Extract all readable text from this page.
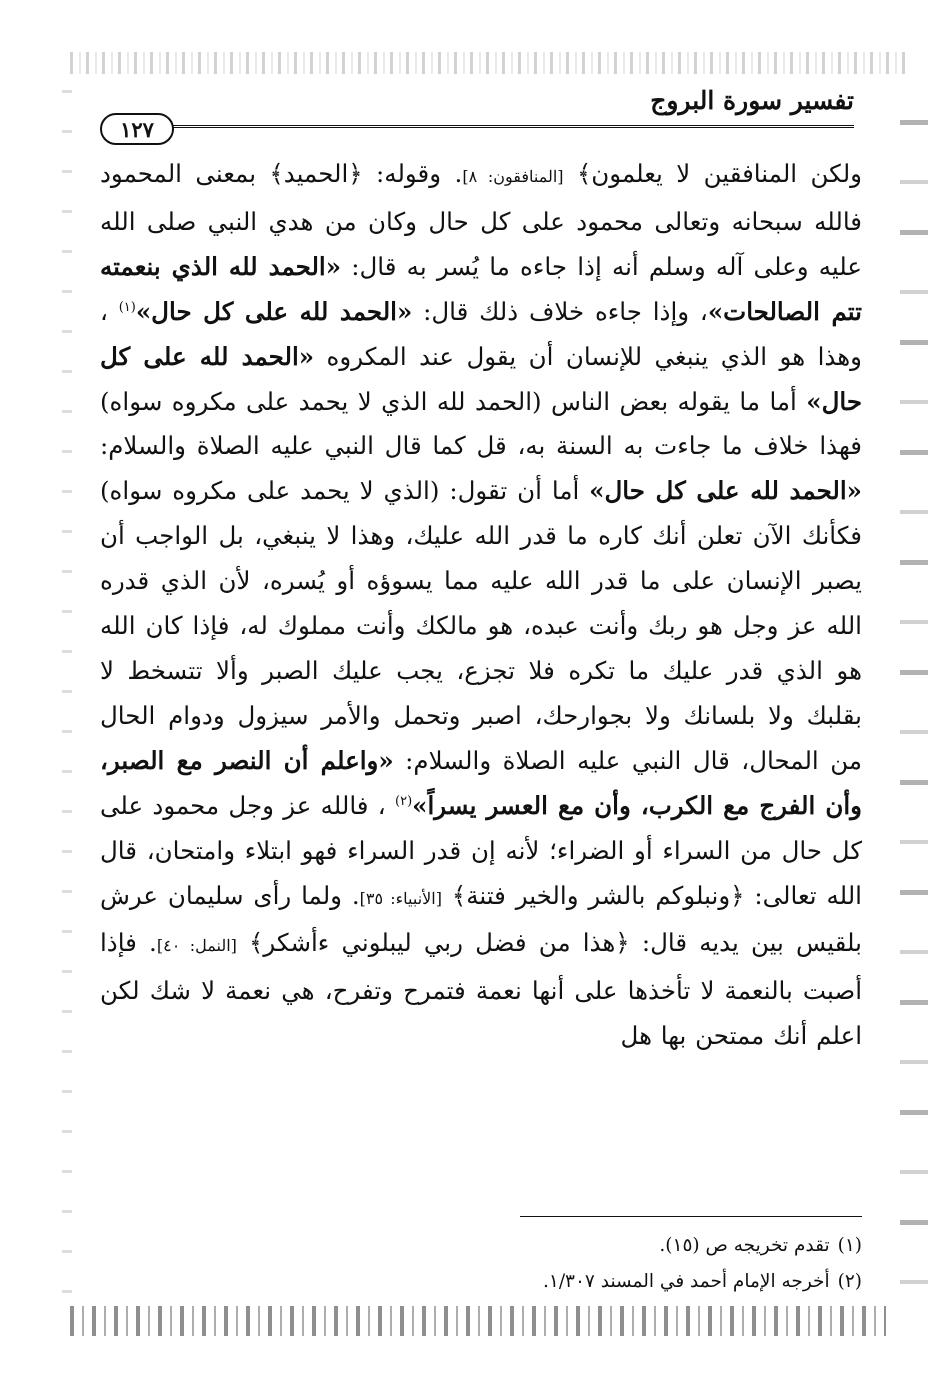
تفسير سورة البروج
١٢٧

ولكن المنافقين لا يعلمون﴾ [المنافقون: ٨]. وقوله: ﴿الحميد﴾ بمعنى المحمود فالله سبحانه وتعالى محمود على كل حال وكان من هدي النبي صلى الله عليه وعلى آله وسلم أنه إذا جاءه ما يُسر به قال: «الحمد لله الذي بنعمته تتم الصالحات»، وإذا جاءه خلاف ذلك قال: «الحمد لله على كل حال»$^{(١)}$ ، وهذا هو الذي ينبغي للإنسان أن يقول عند المكروه «الحمد لله على كل حال» أما ما يقوله بعض الناس (الحمد لله الذي لا يحمد على مكروه سواه) فهذا خلاف ما جاءت به السنة به، قل كما قال النبي عليه الصلاة والسلام: «الحمد لله على كل حال» أما أن تقول: (الذي لا يحمد على مكروه سواه) فكأنك الآن تعلن أنك كاره ما قدر الله عليك، وهذا لا ينبغي، بل الواجب أن يصبر الإنسان على ما قدر الله عليه مما يسوؤه أو يُسره، لأن الذي قدره الله عز وجل هو ربك وأنت عبده، هو مالكك وأنت مملوك له، فإذا كان الله هو الذي قدر عليك ما تكره فلا تجزع، يجب عليك الصبر وألا تتسخط لا بقلبك ولا بلسانك ولا بجوارحك، اصبر وتحمل والأمر سيزول ودوام الحال من المحال، قال النبي عليه الصلاة والسلام: «واعلم أن النصر مع الصبر، وأن الفرج مع الكرب، وأن مع العسر يسراً»$^{(٢)}$ ، فالله عز وجل محمود على كل حال من السراء أو الضراء؛ لأنه إن قدر السراء فهو ابتلاء وامتحان، قال الله تعالى: ﴿ونبلوكم بالشر والخير فتنة﴾ [الأنبياء: ٣٥]. ولما رأى سليمان عرش بلقيس بين يديه قال: ﴿هذا من فضل ربي ليبلوني ءأشكر﴾ [النمل: ٤٠]. فإذا أصبت بالنعمة لا تأخذها على أنها نعمة فتمرح وتفرح، هي نعمة لا شك لكن اعلم أنك ممتحن بها هل

(١)تقدم تخريجه ص (١٥).
(٢)أخرجه الإمام أحمد في المسند ١/٣٠٧.
